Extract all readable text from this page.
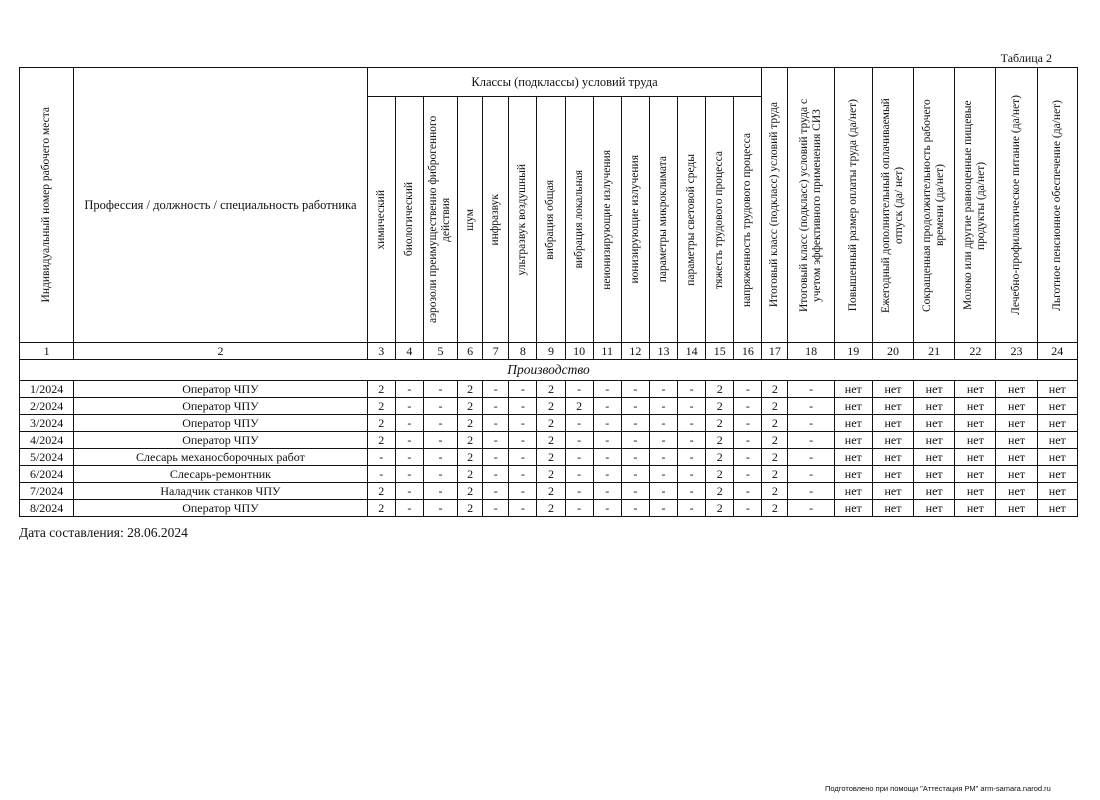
Таблица 2
Индивидуальный номер рабочего места	Профессия / должность / специальность работника	Классы (подклассы) условий труда														Итоговый класс (подкласс) условий труда	Итоговый класс (подкласс) условий труда с учетом эффективного применения СИЗ	Повышенный размер оплаты труда (да/нет)	Ежегодный дополнительный оплачиваемый отпуск (да/ нет)	Сокращенная продолжительность рабочего времени (да/нет)	Молоко или другие равноценные пищевые продукты (да/нет)	Лечебно-профилактическое питание (да/нет)	Льготное пенсионное обеспечение (да/нет)

		химический	биологический	аэрозоли преимущественно фиброгенного действия	шум	инфразвук	ультразвук воздушный	вибрация общая	вибрация локальная	неионизирующие излучения	ионизирующие излучения	параметры микроклимата	параметры световой среды	тяжесть трудового процесса	напряженность трудового процесса								

1	2	3	4	5	6	7	8	9	10	11	12	13	14	15	16	17	18	19	20	21	22	23	24
Производство																							
1/2024	Оператор ЧПУ	2	-	-	2	-	-	2	-	-	-	-	-	2	-	2	-	нет	нет	нет	нет	нет	нет
2/2024	Оператор ЧПУ	2	-	-	2	-	-	2	2	-	-	-	-	2	-	2	-	нет	нет	нет	нет	нет	нет
3/2024	Оператор ЧПУ	2	-	-	2	-	-	2	-	-	-	-	-	2	-	2	-	нет	нет	нет	нет	нет	нет
4/2024	Оператор ЧПУ	2	-	-	2	-	-	2	-	-	-	-	-	2	-	2	-	нет	нет	нет	нет	нет	нет
5/2024	Слесарь механосборочных работ	-	-	-	2	-	-	2	-	-	-	-	-	2	-	2	-	нет	нет	нет	нет	нет	нет
6/2024	Слесарь-ремонтник	-	-	-	2	-	-	2	-	-	-	-	-	2	-	2	-	нет	нет	нет	нет	нет	нет
7/2024	Наладчик станков ЧПУ	2	-	-	2	-	-	2	-	-	-	-	-	2	-	2	-	нет	нет	нет	нет	нет	нет
8/2024	Оператор ЧПУ	2	-	-	2	-	-	2	-	-	-	-	-	2	-	2	-	нет	нет	нет	нет	нет	нет
Дата составления: 28.06.2024
Подготовлено при помощи "Аттестация РМ" arm-samara.narod.ru
